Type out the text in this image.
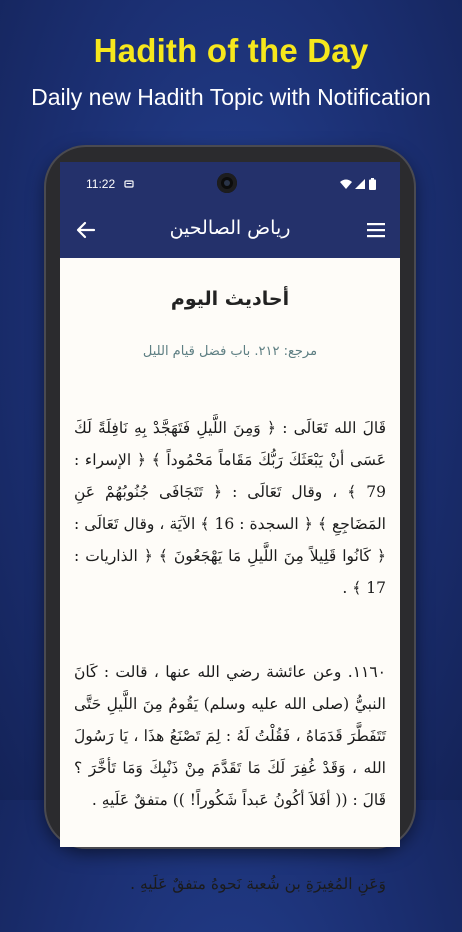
Hadith of the Day
Daily new Hadith Topic with Notification
11:22
رياض الصالحين
أحاديث اليوم
مرجع: ٢١٢. باب فضل قيام الليل

قَالَ الله تَعَالَى : ﴿ وَمِنَ اللَّيلِ فَتَهَجَّدْ بِهِ نَافِلَةً لَكَ عَسَى أنْ يَبْعَثَكَ رَبُّكَ مَقَاماً مَحْمُوداً ﴾ ﴿ الإسراء : 79 ﴾ ، وقال تَعَالَى : ﴿ تَتَجَافَى جُنُوبُهُمْ عَنِ المَضَاجِعِ ﴾ ﴿ السجدة : 16 ﴾ الآيَة ، وقال تَعَالَى : ﴿ كَانُوا قَلِيلاً مِنَ اللَّيلِ مَا يَهْجَعُونَ ﴾ ﴿ الذاريات : 17 ﴾ .

١١٦٠. وعن عائشة رضي الله عنها ، قالت : كَانَ النبيُّ (صلى الله عليه وسلم) يَقُومُ مِنَ اللَّيلِ حَتَّى تَتَفَطَّرَ قَدَمَاهُ ، فَقُلْتُ لَهُ : لِمَ تَصْنَعُ هذَا ، يَا رَسُولَ الله ، وَقَدْ غُفِرَ لَكَ مَا تَقَدَّمَ مِنْ ذَنْبِكَ وَمَا تَأخَّرَ ؟ قَالَ : (( أفَلاَ أكُونُ عَبداً شَكُوراً! )) متفقٌ عَلَيهِ .

وَعَنِ المُغِيرَةِ بن شُعبة نَحوهُ متفقٌ عَلَيهِ .
